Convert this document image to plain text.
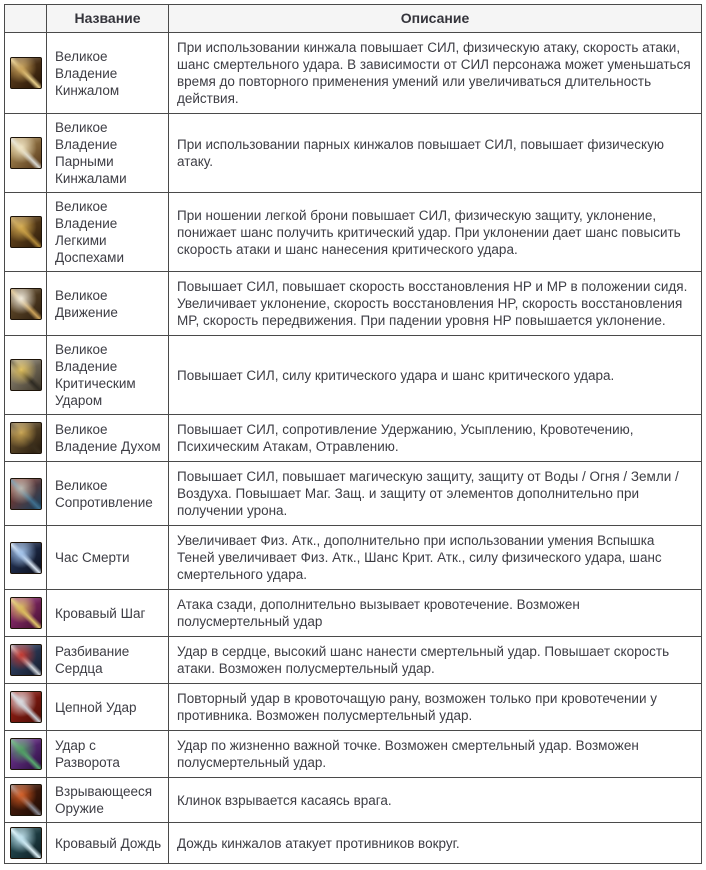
	Название	Описание

	Великое Владение Кинжалом	При использовании кинжала повышает СИЛ, физическую атаку, скорость атаки, шанс смертельного удара. В зависимости от СИЛ персонажа может уменьшаться время до повторного применения умений или увеличиваться длительность действия.

	Великое Владение Парными Кинжалами	При использовании парных кинжалов повышает СИЛ, повышает физическую атаку.

	Великое Владение Легкими Доспехами	При ношении легкой брони повышает СИЛ, физическую защиту, уклонение, понижает шанс получить критический удар. При уклонении дает шанс повысить скорость атаки и шанс нанесения критического удара.

	Великое Движение	Повышает СИЛ, повышает скорость восстановления HP и MP в положении сидя. Увеличивает уклонение, скорость восстановления HP, скорость восстановления MP, скорость передвижения. При падении уровня HP повышается уклонение.

	Великое Владение Критическим Ударом	Повышает СИЛ, силу критического удара и шанс критического удара.

	Великое Владение Духом	Повышает СИЛ, сопротивление Удержанию, Усыплению, Кровотечению, Психическим Атакам, Отравлению.

	Великое Сопротивление	Повышает СИЛ, повышает магическую защиту, защиту от Воды / Огня / Земли / Воздуха. Повышает Маг. Защ. и защиту от элементов дополнительно при получении урона.

	Час Смерти	Увеличивает Физ. Атк., дополнительно при использовании умения Вспышка Теней увеличивает Физ. Атк., Шанс Крит. Атк., силу физического удара, шанс смертельного удара.

	Кровавый Шаг	Атака сзади, дополнительно вызывает кровотечение. Возможен полусмертельный удар

	Разбивание Сердца	Удар в сердце, высокий шанс нанести смертельный удар. Повышает скорость атаки. Возможен полусмертельный удар.

	Цепной Удар	Повторный удар в кровоточащую рану, возможен только при кровотечении у противника. Возможен полусмертельный удар.

	Удар с Разворота	Удар по жизненно важной точке. Возможен смертельный удар. Возможен полусмертельный удар.

	Взрывающееся Оружие	Клинок взрывается касаясь врага.

	Кровавый Дождь	Дождь кинжалов атакует противников вокруг.
